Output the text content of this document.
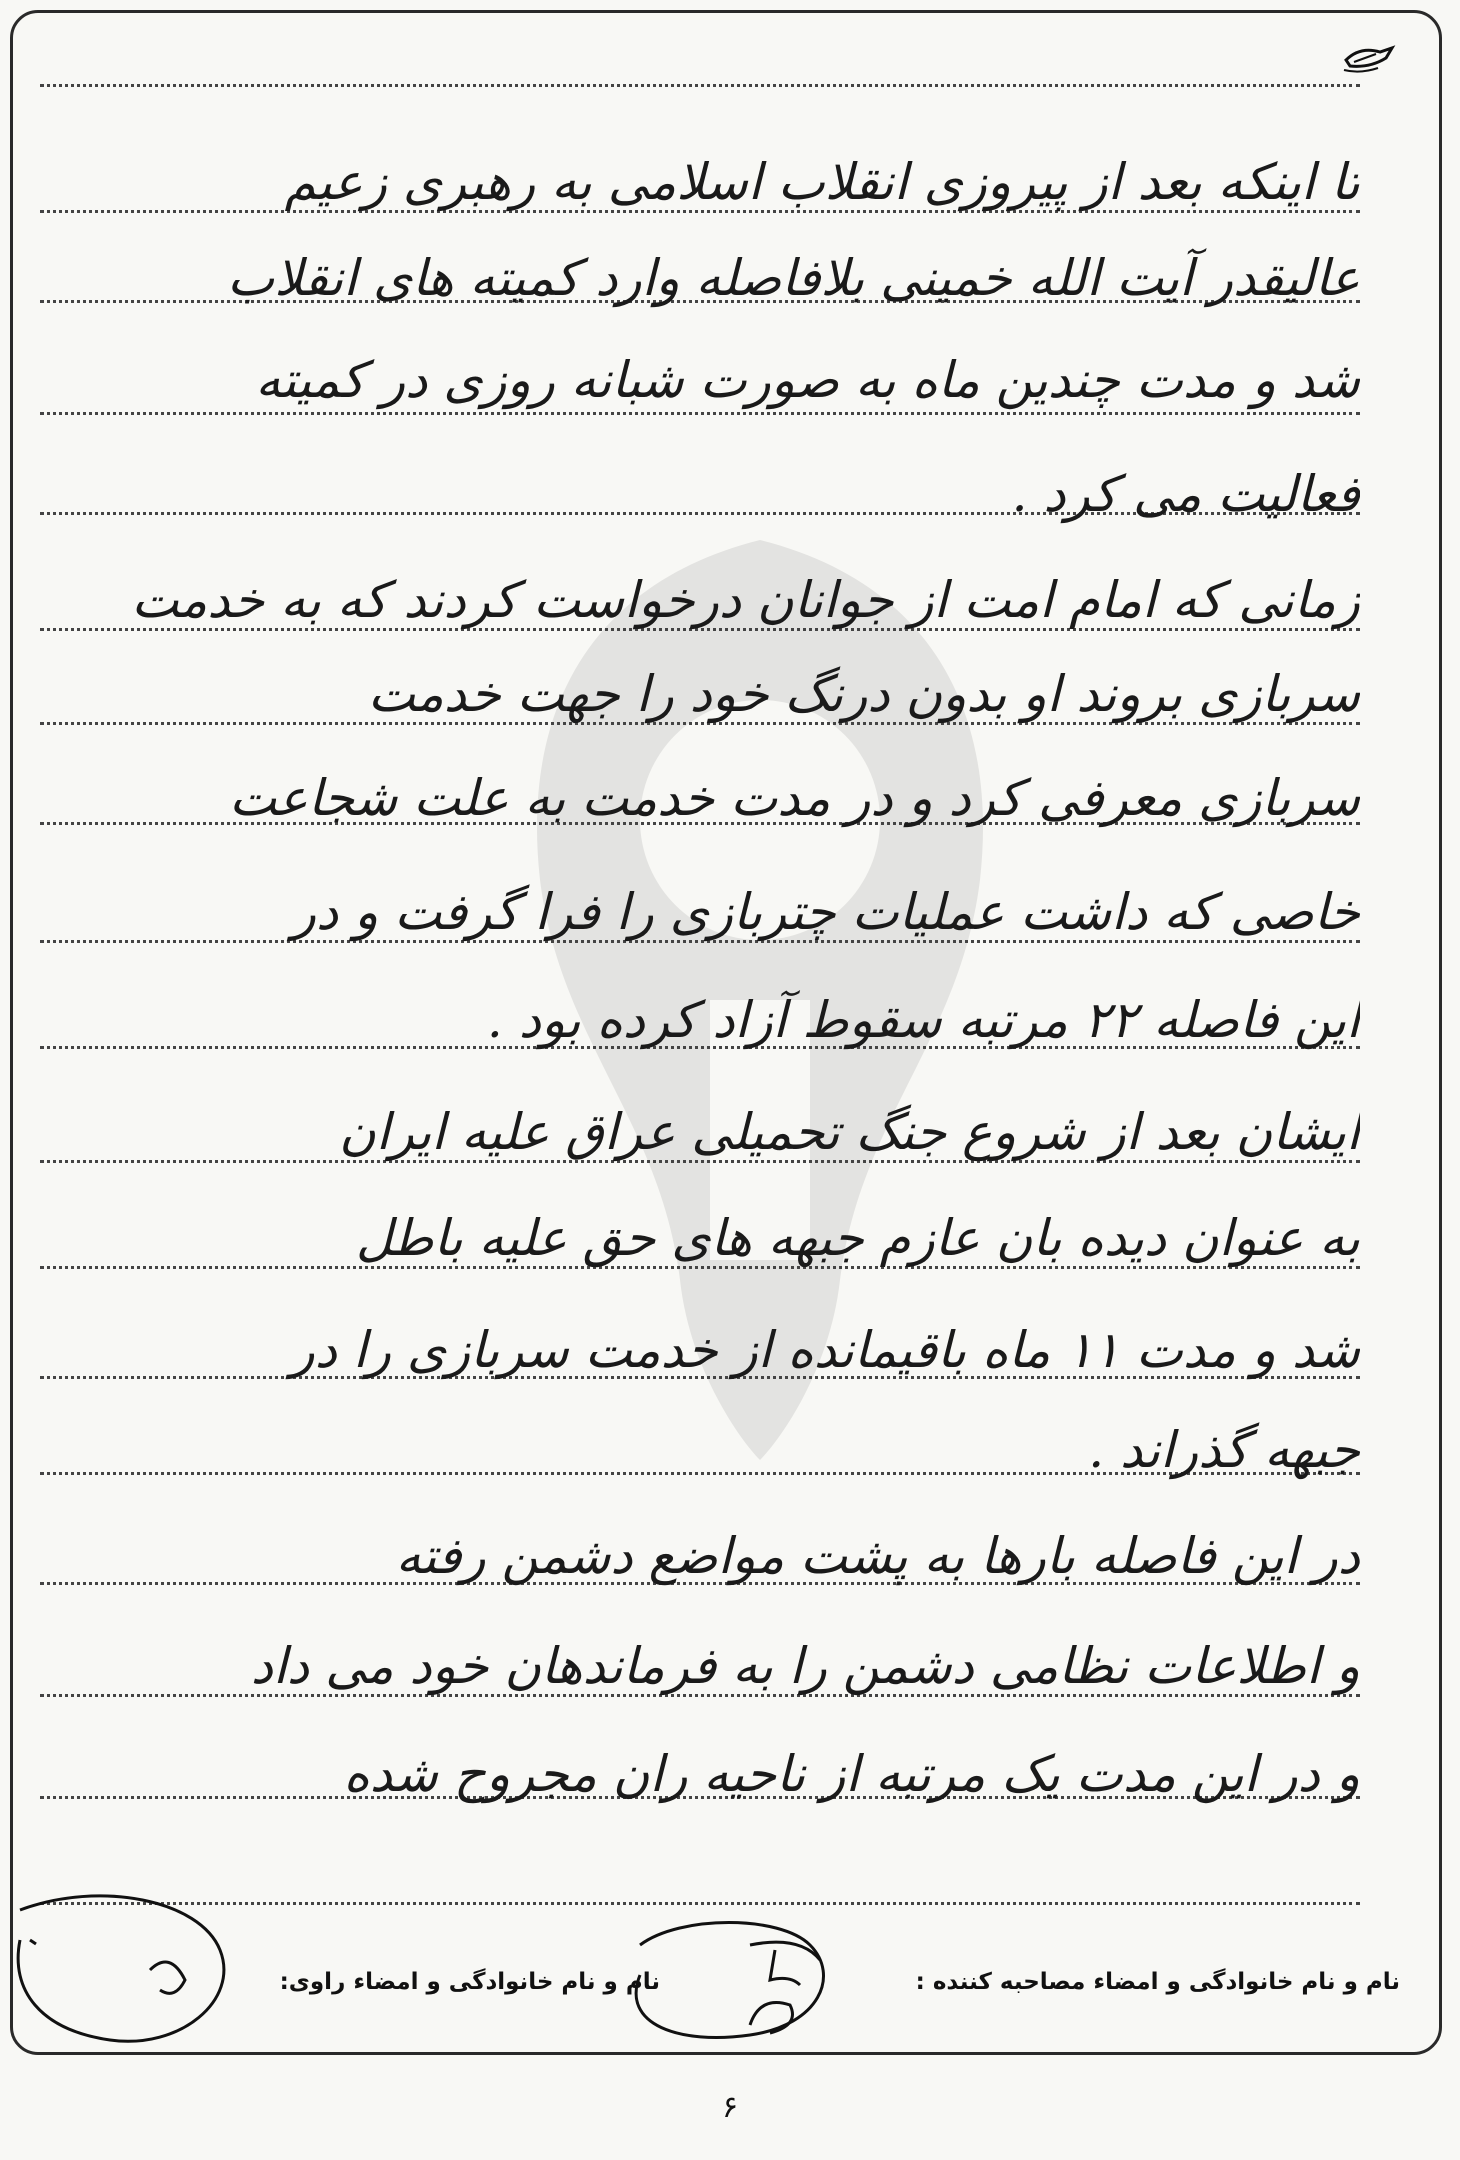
تا اینکه بعد از پیروزی انقلاب اسلامی به رهبری زعیم
عالیقدر آیت الله خمینی بلافاصله وارد کمیته های انقلاب
شد و مدت چندین ماه به صورت شبانه روزی در کمیته
فعالیت می کرد .
زمانی که امام امت از جوانان درخواست کردند که به خدمت
سربازی بروند او بدون درنگ خود را جهت خدمت
سربازی معرفی کرد و در مدت خدمت به علت شجاعت
خاصی که داشت عملیات چتربازی را فرا گرفت و در
این فاصله ۲۲ مرتبه سقوط آزاد کرده بود .
ایشان بعد از شروع جنگ تحمیلی عراق علیه ایران
به عنوان دیده بان عازم جبهه های حق علیه باطل
شد و مدت ۱۱ ماه باقیمانده از خدمت سربازی را در
جبهه گذراند .
در این فاصله بارها به پشت مواضع دشمن رفته
و اطلاعات نظامی دشمن را به فرماندهان خود می داد
و در این مدت یک مرتبه از ناحیه ران مجروح شده
نام و نام خانوادگی و امضاء مصاحبه کننده :
نام و نام خانوادگی و امضاء راوی:
۶
